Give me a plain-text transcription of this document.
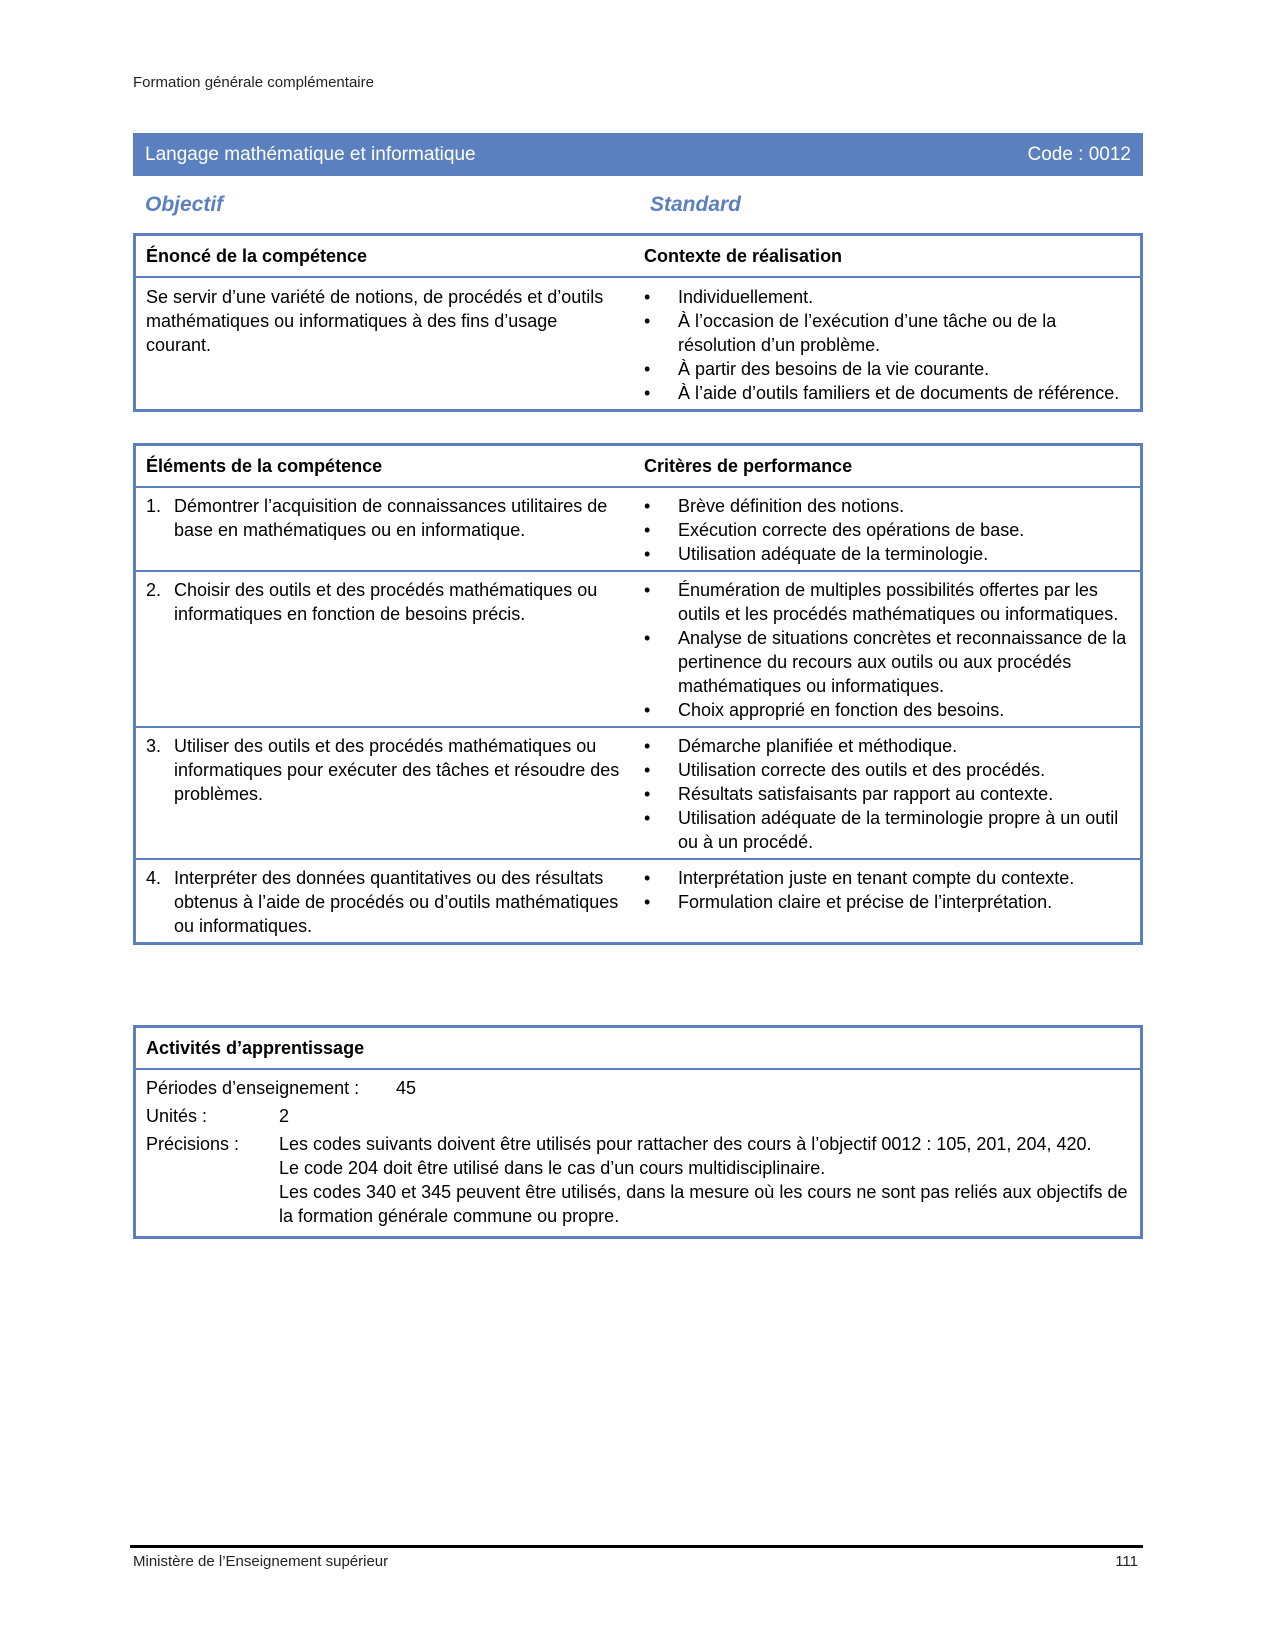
Formation générale complémentaire
Langage mathématique et informatique	Code : 0012
Objectif	Standard
Énoncé de la compétence	Contexte de réalisation
Se servir d’une variété de notions, de procédés et d’outils mathématiques ou informatiques à des fins d’usage courant.
• Individuellement.
• À l’occasion de l’exécution d’une tâche ou de la résolution d’un problème.
• À partir des besoins de la vie courante.
• À l’aide d’outils familiers et de documents de référence.
Éléments de la compétence	Critères de performance
1. Démontrer l’acquisition de connaissances utilitaires de base en mathématiques ou en informatique.
• Brève définition des notions.
• Exécution correcte des opérations de base.
• Utilisation adéquate de la terminologie.
2. Choisir des outils et des procédés mathématiques ou informatiques en fonction de besoins précis.
• Énumération de multiples possibilités offertes par les outils et les procédés mathématiques ou informatiques.
• Analyse de situations concrètes et reconnaissance de la pertinence du recours aux outils ou aux procédés mathématiques ou informatiques.
• Choix approprié en fonction des besoins.
3. Utiliser des outils et des procédés mathématiques ou informatiques pour exécuter des tâches et résoudre des problèmes.
• Démarche planifiée et méthodique.
• Utilisation correcte des outils et des procédés.
• Résultats satisfaisants par rapport au contexte.
• Utilisation adéquate de la terminologie propre à un outil ou à un procédé.
4. Interpréter des données quantitatives ou des résultats obtenus à l’aide de procédés ou d’outils mathématiques ou informatiques.
• Interprétation juste en tenant compte du contexte.
• Formulation claire et précise de l’interprétation.
Activités d’apprentissage
Périodes d’enseignement :	45
Unités :	2
Précisions :	Les codes suivants doivent être utilisés pour rattacher des cours à l’objectif 0012 : 105, 201, 204, 420.
Le code 204 doit être utilisé dans le cas d’un cours multidisciplinaire.
Les codes 340 et 345 peuvent être utilisés, dans la mesure où les cours ne sont pas reliés aux objectifs de la formation générale commune ou propre.
Ministère de l’Enseignement supérieur	111
